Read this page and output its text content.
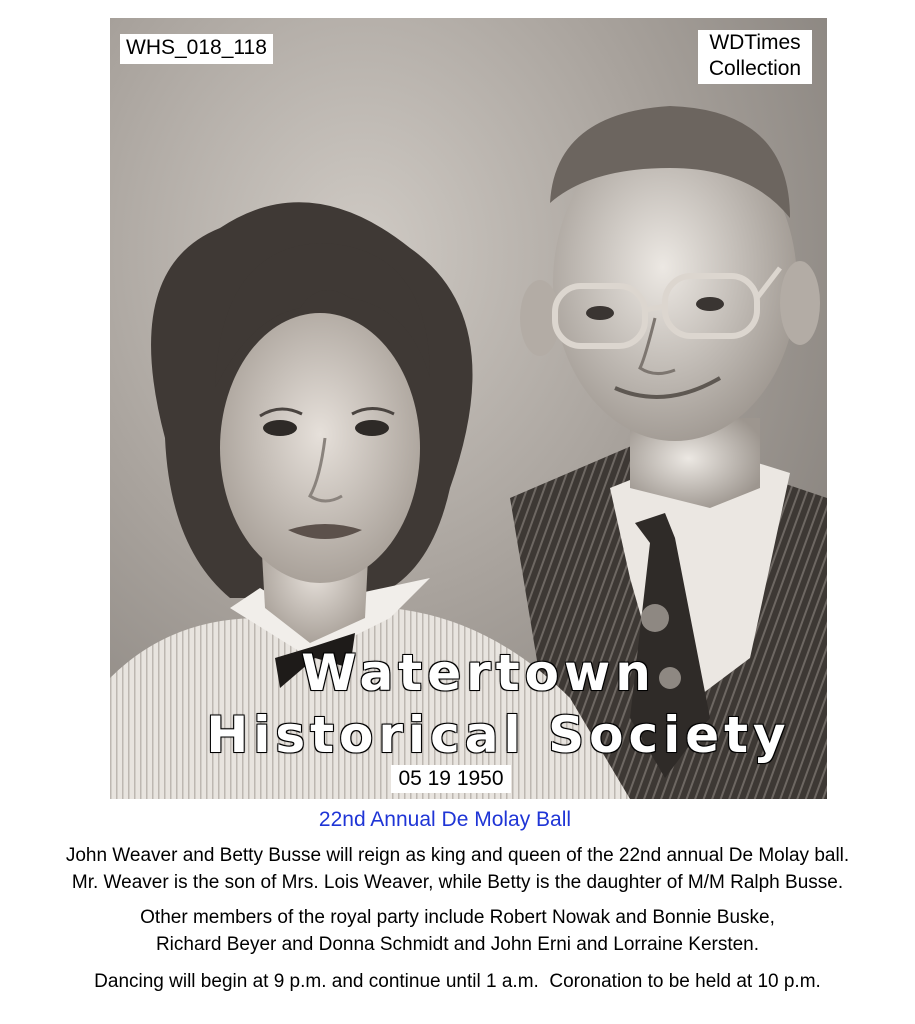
WHS_018_118	WDTimes
Collection
Watertown
Historical Society
05 19 1950
22nd Annual De Molay Ball
John Weaver and Betty Busse will reign as king and queen of the 22nd annual De Molay ball.
Mr. Weaver is the son of Mrs. Lois Weaver, while Betty is the daughter of M/M Ralph Busse.
Other members of the royal party include Robert Nowak and Bonnie Buske,
Richard Beyer and Donna Schmidt and John Erni and Lorraine Kersten.
Dancing will begin at 9 p.m. and continue until 1 a.m.  Coronation to be held at 10 p.m.
